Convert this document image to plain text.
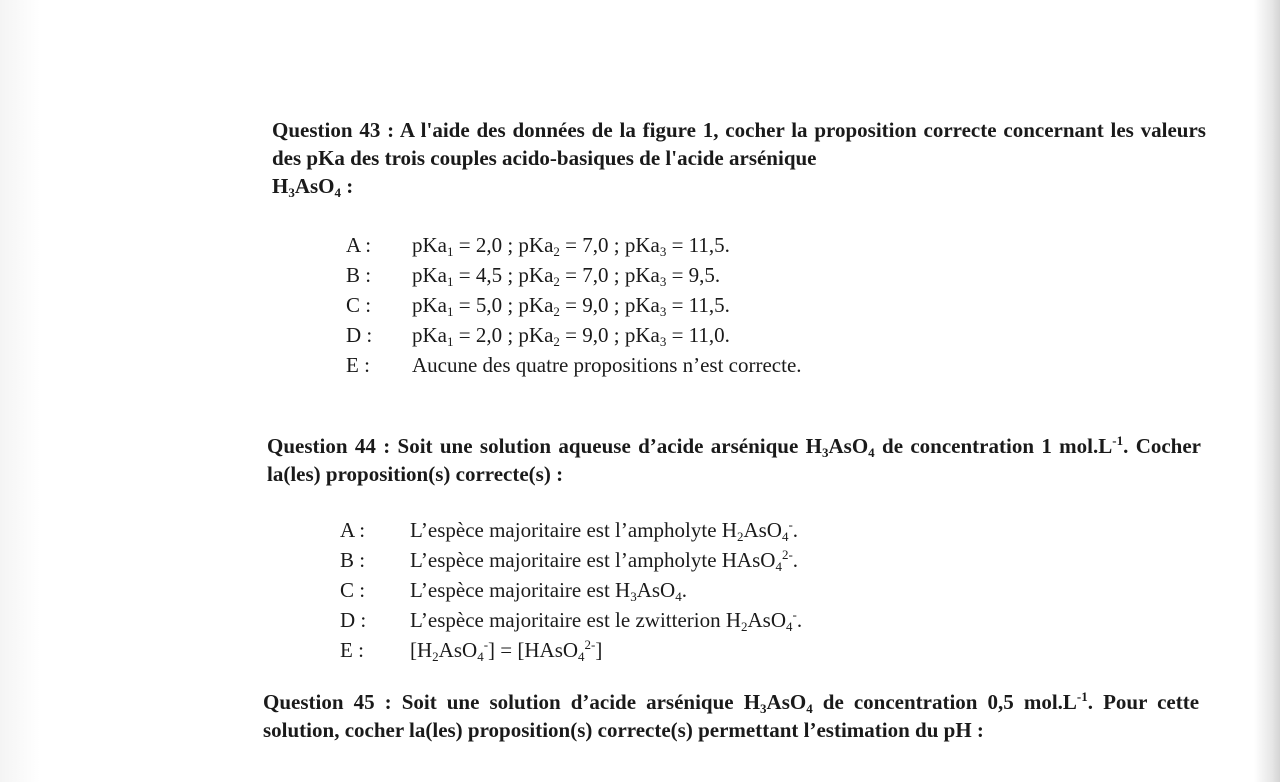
Question 43 : A l'aide des données de la figure 1, cocher la proposition correcte concernant les valeurs des pKa des trois couples acido-basiques de l'acide arsénique
$H_3AsO_4$ :
A :	pKa$_1$ = 2,0 ; pKa$_2$ = 7,0 ; pKa$_3$ = 11,5.
B :	pKa$_1$ = 4,5 ; pKa$_2$ = 7,0 ; pKa$_3$ = 9,5.
C :	pKa$_1$ = 5,0 ; pKa$_2$ = 9,0 ; pKa$_3$ = 11,5.
D :	pKa$_1$ = 2,0 ; pKa$_2$ = 9,0 ; pKa$_3$ = 11,0.
E :	Aucune des quatre propositions n’est correcte.
Question 44 : Soit une solution aqueuse d’acide arsénique $H_3AsO_4$ de concentration 1 $mol.L^{-1}$. Cocher la(les) proposition(s) correcte(s) :
A :	L’espèce majoritaire est l’ampholyte $H_2AsO_4^-$.
B :	L’espèce majoritaire est l’ampholyte HAsO$_4^{2-}$.
C :	L’espèce majoritaire est $H_3AsO_4$.
D :	L’espèce majoritaire est le zwitterion $H_2AsO_4^-$.
E :	$[H_2AsO_4^-]$ = [HAsO$_4^{2-}$]
Question 45 : Soit une solution d’acide arsénique $H_3AsO_4$ de concentration 0,5 $mol.L^{-1}$. Pour cette solution, cocher la(les) proposition(s) correcte(s) permettant l’estimation du pH :
